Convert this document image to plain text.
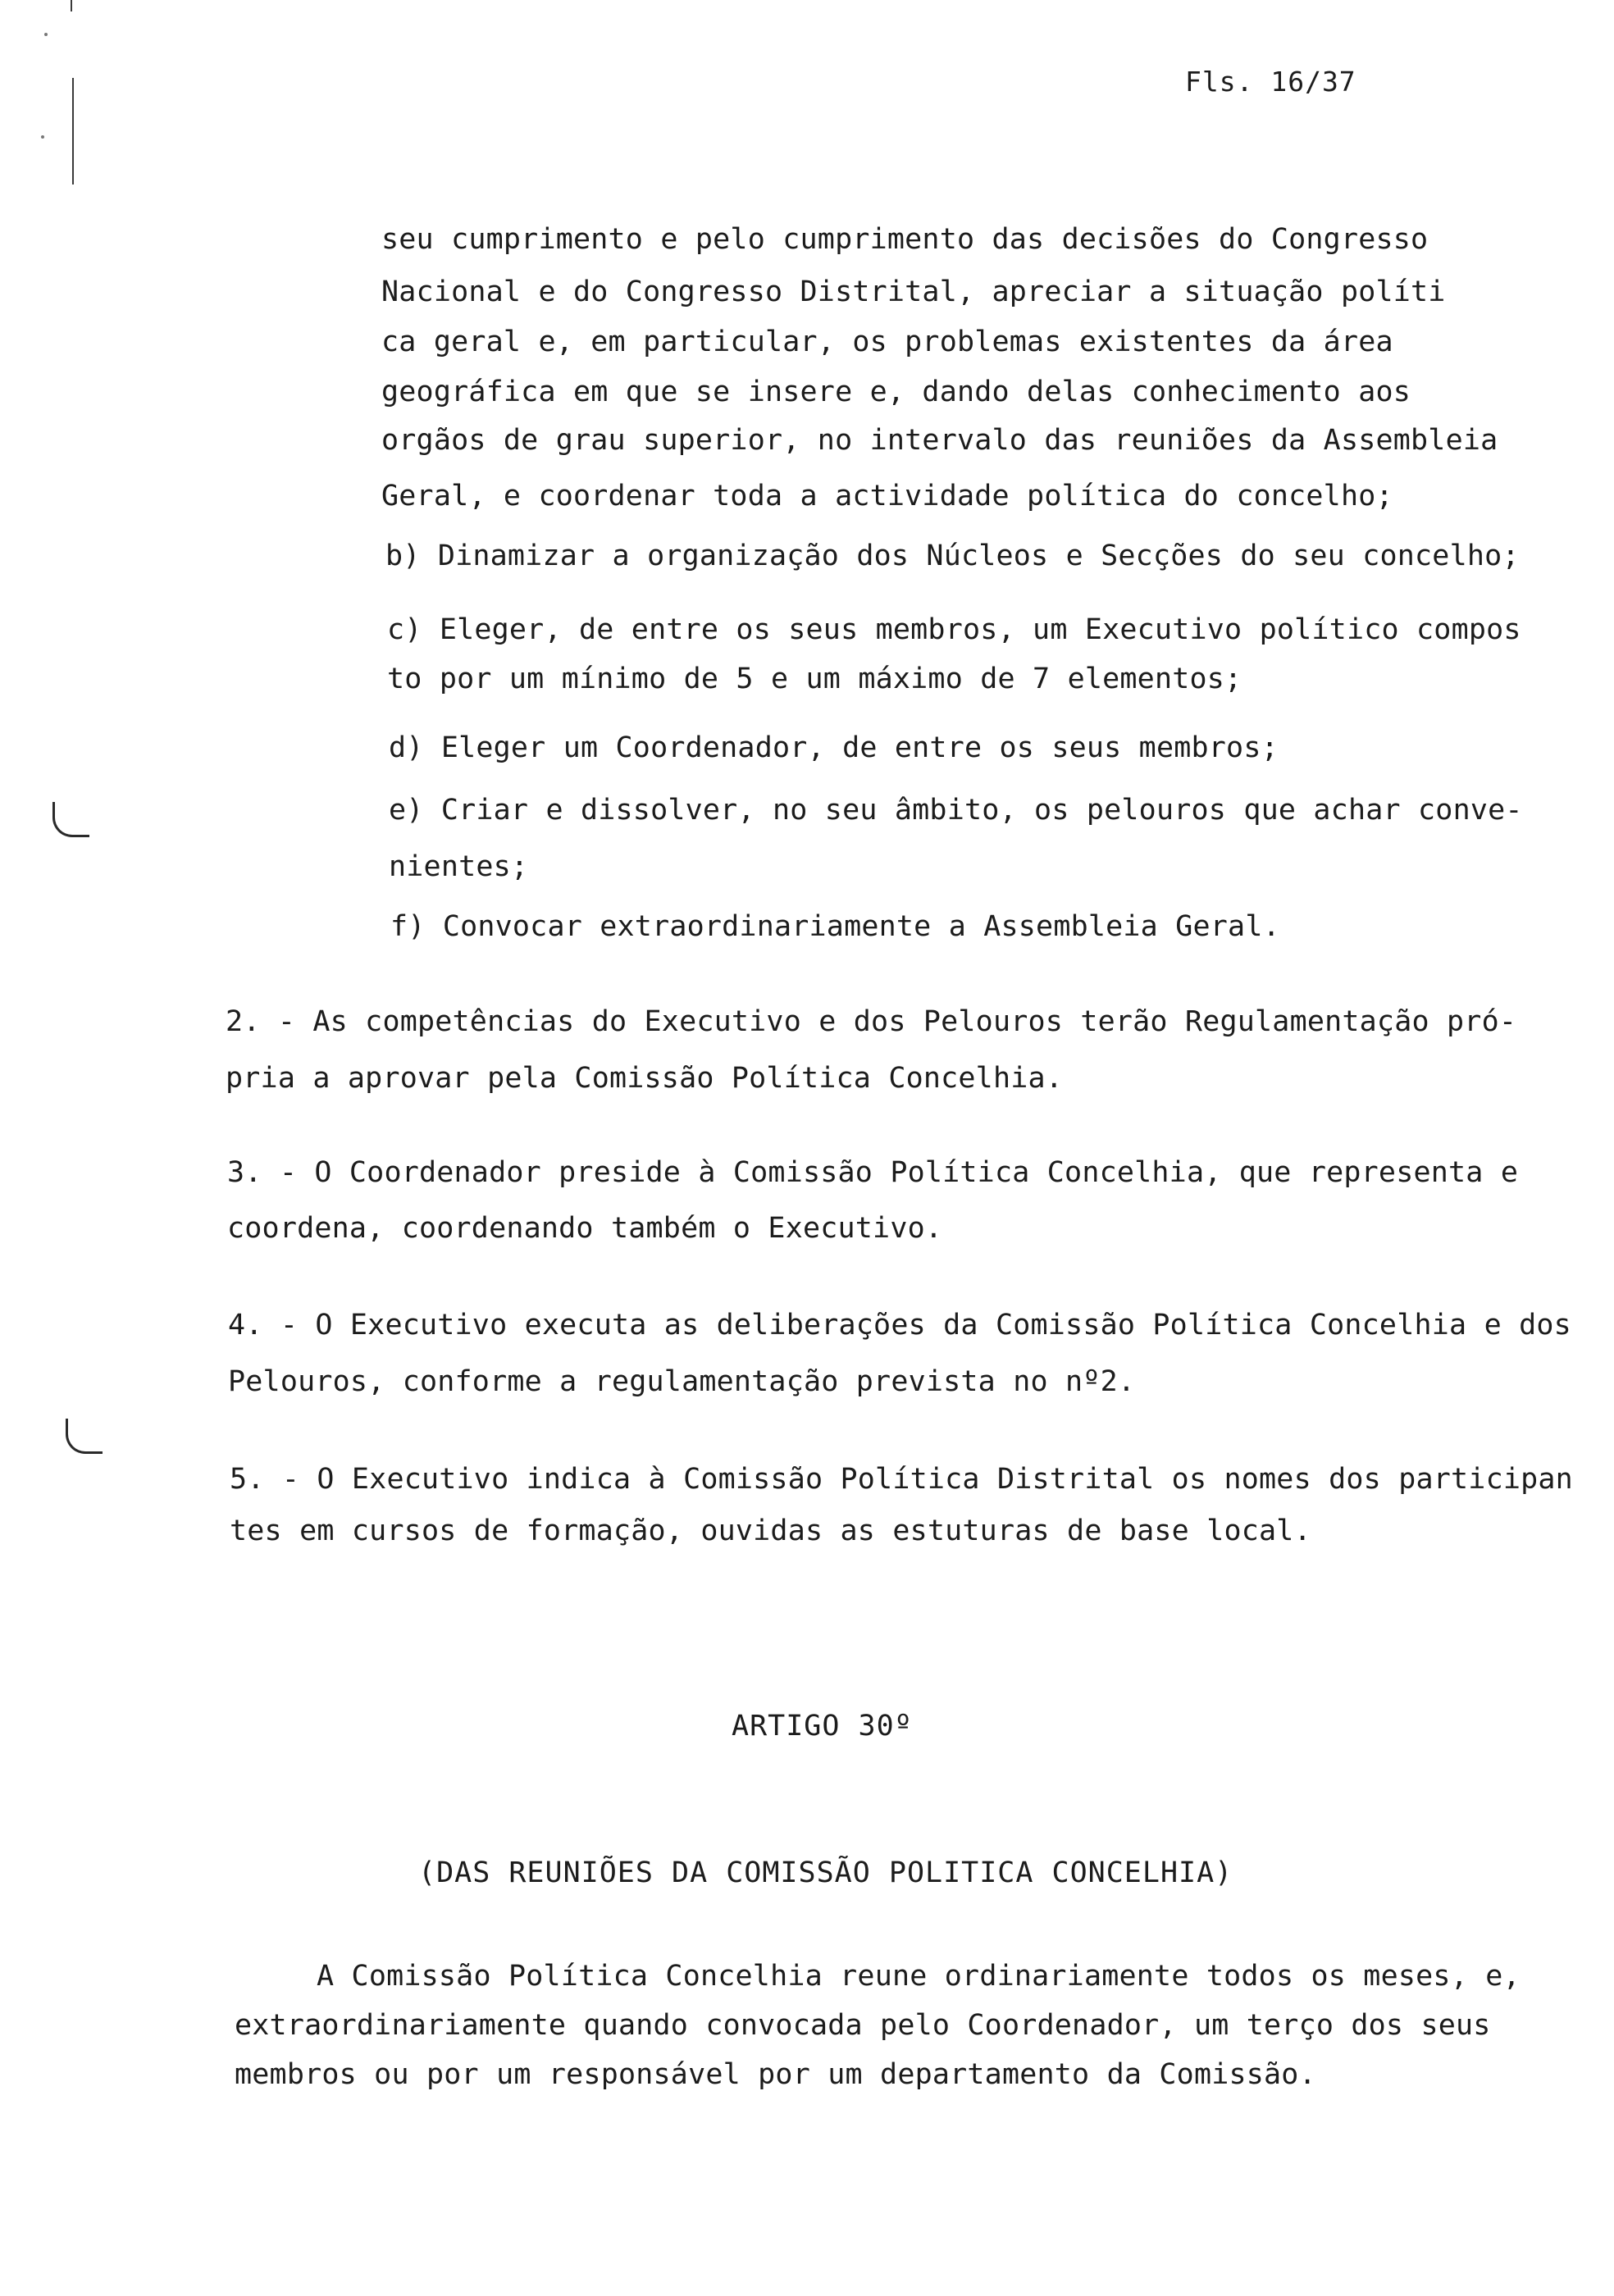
Fls. 16/37
seu cumprimento e pelo cumprimento das decisões do Congresso
Nacional e do Congresso Distrital, apreciar a situação políti
ca geral e, em particular, os problemas existentes da área
geográfica em que se insere e, dando delas conhecimento aos
orgãos de grau superior, no intervalo das reuniões da Assembleia
Geral, e coordenar toda a actividade política do concelho;
b) Dinamizar a organização dos Núcleos e Secções do seu concelho;
c) Eleger, de entre os seus membros, um Executivo político compos
to por um mínimo de 5 e um máximo de 7 elementos;
d) Eleger um Coordenador, de entre os seus membros;
e) Criar e dissolver, no seu âmbito, os pelouros que achar conve-
nientes;
f) Convocar extraordinariamente a Assembleia Geral.
2. - As competências do Executivo e dos Pelouros terão Regulamentação pró-
pria a aprovar pela Comissão Política Concelhia.
3. - O Coordenador preside à Comissão Política Concelhia, que representa e
coordena, coordenando também o Executivo.
4. - O Executivo executa as deliberações da Comissão Política Concelhia e dos
Pelouros, conforme a regulamentação prevista no nº2.
5. - O Executivo indica à Comissão Política Distrital os nomes dos participan
tes em cursos de formação, ouvidas as estuturas de base local.
ARTIGO 30º
(DAS REUNIÕES DA COMISSÃO POLITICA CONCELHIA)
A Comissão Política Concelhia reune ordinariamente todos os meses, e,
extraordinariamente quando convocada pelo Coordenador, um terço dos seus
membros ou por um responsável por um departamento da Comissão.
